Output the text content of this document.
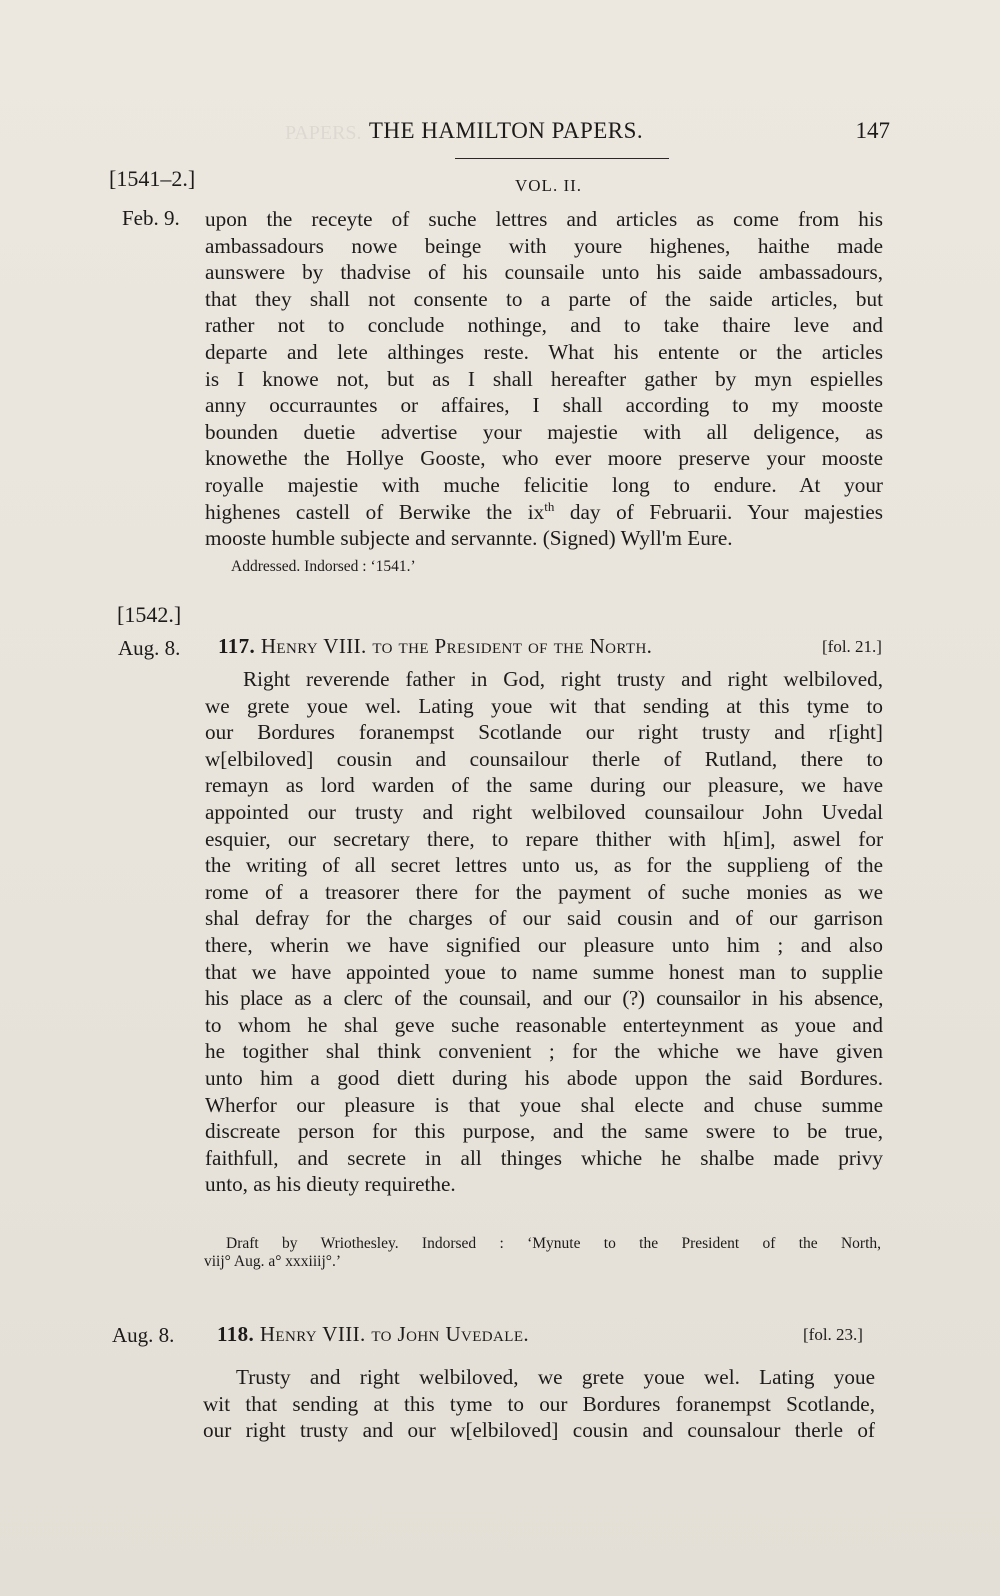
PAPERS. THE HAMILTON PAPERS.	147
[1541–2.]	VOL. II.
Feb. 9. upon the receyte of suche lettres and articles as come from his
ambassadours nowe beinge with youre highenes, haithe made
aunswere by thadvise of his counsaile unto his saide ambassadours,
that they shall not consente to a parte of the saide articles, but
rather not to conclude nothinge, and to take thaire leve and
departe and lete althinges reste. What his entente or the articles
is I knowe not, but as I shall hereafter gather by myn espielles
anny occurrauntes or affaires, I shall according to my mooste
bounden duetie advertise your majestie with all deligence, as
knowethe the Hollye Gooste, who ever moore preserve your mooste
royalle majestie with muche felicitie long to endure. At your
highenes castell of Berwike the $ix^{th}$ day of Februarii. Your majesties
mooste humble subjecte and servannte. (Signed) Wyll'm Eure.
Addressed. Indorsed : ‘1541.’
[1542.]
Aug. 8. 117. Henry VIII. to the President of the North.	[fol. 21.]
Right reverende father in God, right trusty and right welbiloved,
we grete youe wel. Lating youe wit that sending at this tyme to
our Bordures foranempst Scotlande our right trusty and r[ight]
w[elbiloved] cousin and counsailour therle of Rutland, there to
remayn as lord warden of the same during our pleasure, we have
appointed our trusty and right welbiloved counsailour John Uvedal
esquier, our secretary there, to repare thither with h[im], aswel for
the writing of all secret lettres unto us, as for the supplieng of the
rome of a treasorer there for the payment of suche monies as we
shal defray for the charges of our said cousin and of our garrison
there, wherin we have signified our pleasure unto him ; and also
that we have appointed youe to name summe honest man to supplie
his place as a clerc of the counsail, and our (?) counsailor in his absence,
to whom he shal geve suche reasonable enterteynment as youe and
he togither shal think convenient ; for the whiche we have given
unto him a good diett during his abode uppon the said Bordures.
Wherfor our pleasure is that youe shal electe and chuse summe
discreate person for this purpose, and the same swere to be true,
faithfull, and secrete in all thinges whiche he shalbe made privy
unto, as his dieuty requirethe.
Draft by Wriothesley. Indorsed : ‘Mynute to the President of the North,
viij° Aug. a° xxxiiij°.’
Aug. 8. 118. Henry VIII. to John Uvedale.	[fol. 23.]
Trusty and right welbiloved, we grete youe wel. Lating youe
wit that sending at this tyme to our Bordures foranempst Scotlande,
our right trusty and our w[elbiloved] cousin and counsalour therle of
